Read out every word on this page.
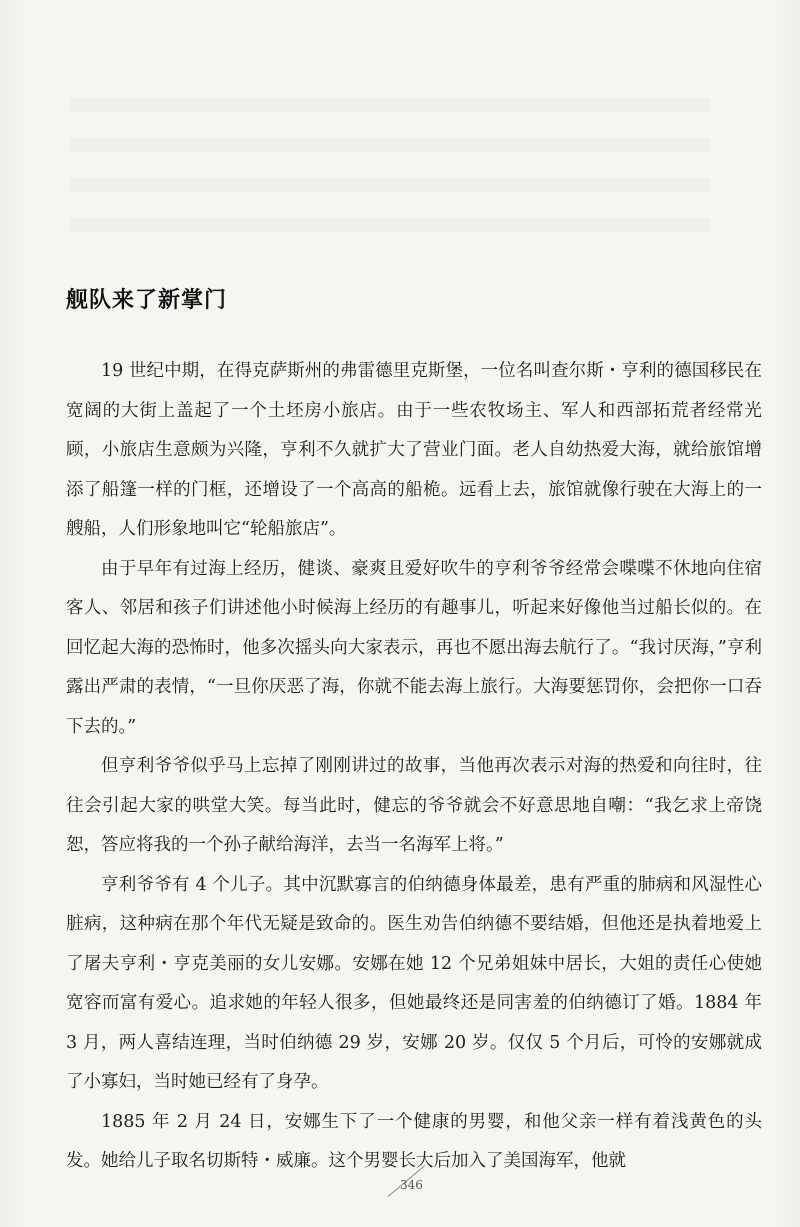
舰队来了新掌门

19 世纪中期，在得克萨斯州的弗雷德里克斯堡，一位名叫查尔斯・亨利的德国移民在宽阔的大街上盖起了一个土坯房小旅店。由于一些农牧场主、军人和西部拓荒者经常光顾，小旅店生意颇为兴隆，亨利不久就扩大了营业门面。老人自幼热爱大海，就给旅馆增添了船篷一样的门框，还增设了一个高高的船桅。远看上去，旅馆就像行驶在大海上的一艘船，人们形象地叫它“轮船旅店”。

由于早年有过海上经历，健谈、豪爽且爱好吹牛的亨利爷爷经常会喋喋不休地向住宿客人、邻居和孩子们讲述他小时候海上经历的有趣事儿，听起来好像他当过船长似的。在回忆起大海的恐怖时，他多次摇头向大家表示，再也不愿出海去航行了。“我讨厌海，”亨利露出严肃的表情，“一旦你厌恶了海，你就不能去海上旅行。大海要惩罚你，会把你一口吞下去的。”

但亨利爷爷似乎马上忘掉了刚刚讲过的故事，当他再次表示对海的热爱和向往时，往往会引起大家的哄堂大笑。每当此时，健忘的爷爷就会不好意思地自嘲：“我乞求上帝饶恕，答应将我的一个孙子献给海洋，去当一名海军上将。”

亨利爷爷有 4 个儿子。其中沉默寡言的伯纳德身体最差，患有严重的肺病和风湿性心脏病，这种病在那个年代无疑是致命的。医生劝告伯纳德不要结婚，但他还是执着地爱上了屠夫亨利・亨克美丽的女儿安娜。安娜在她 12 个兄弟姐妹中居长，大姐的责任心使她宽容而富有爱心。追求她的年轻人很多，但她最终还是同害羞的伯纳德订了婚。1884 年 3 月，两人喜结连理，当时伯纳德 29 岁，安娜 20 岁。仅仅 5 个月后，可怜的安娜就成了小寡妇，当时她已经有了身孕。

1885 年 2 月 24 日，安娜生下了一个健康的男婴，和他父亲一样有着浅黄色的头发。她给儿子取名切斯特・威廉。这个男婴长大后加入了美国海军，他就

346
